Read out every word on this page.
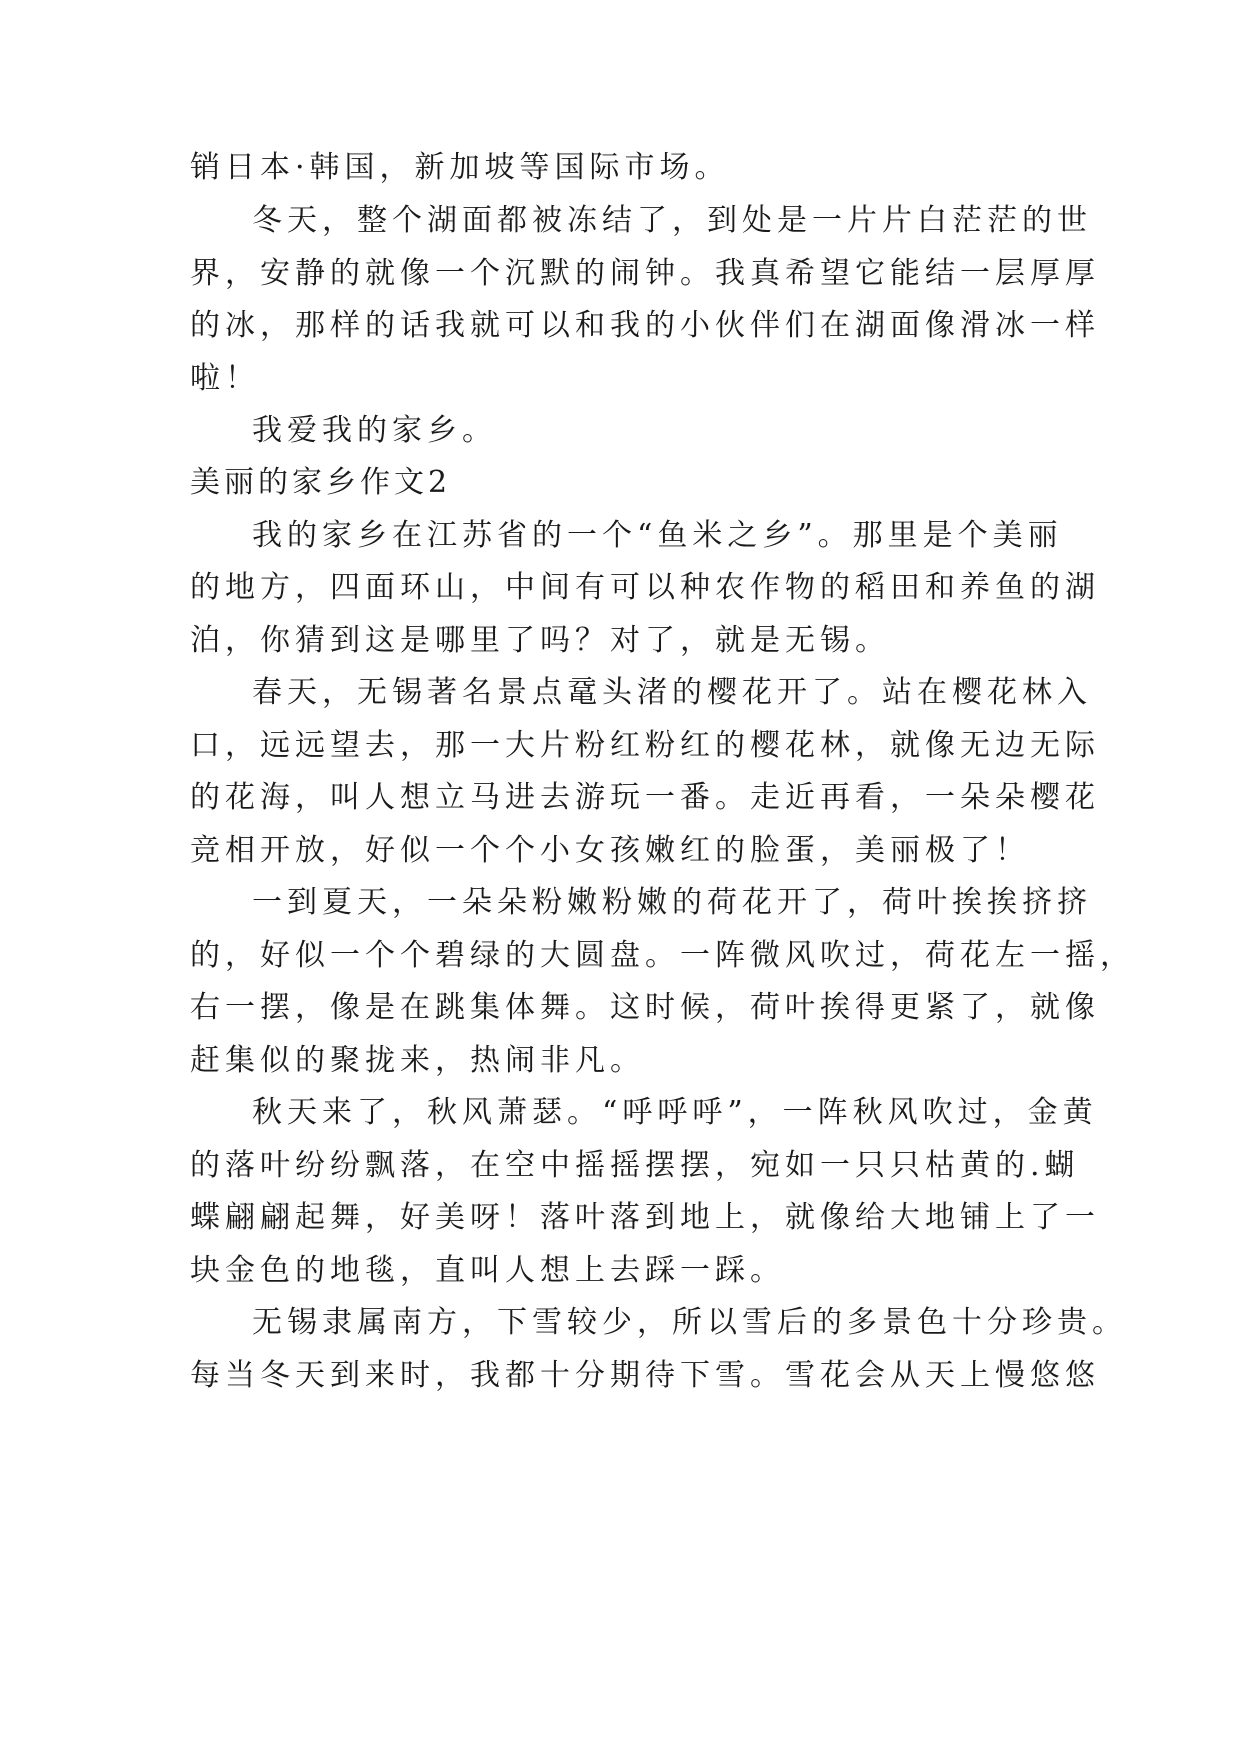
销日本·韩国，新加坡等国际市场。

冬天，整个湖面都被冻结了，到处是一片片白茫茫的世

界，安静的就像一个沉默的闹钟。我真希望它能结一层厚厚

的冰，那样的话我就可以和我的小伙伴们在湖面像滑冰一样

啦！

我爱我的家乡。

美丽的家乡作文2

我的家乡在江苏省的一个“鱼米之乡”。那里是个美丽

的地方，四面环山，中间有可以种农作物的稻田和养鱼的湖

泊，你猜到这是哪里了吗？对了，就是无锡。

春天，无锡著名景点鼋头渚的樱花开了。站在樱花林入

口，远远望去，那一大片粉红粉红的樱花林，就像无边无际

的花海，叫人想立马进去游玩一番。走近再看，一朵朵樱花

竞相开放，好似一个个小女孩嫩红的脸蛋，美丽极了！

一到夏天，一朵朵粉嫩粉嫩的荷花开了，荷叶挨挨挤挤

的，好似一个个碧绿的大圆盘。一阵微风吹过，荷花左一摇，

右一摆，像是在跳集体舞。这时候，荷叶挨得更紧了，就像

赶集似的聚拢来，热闹非凡。

秋天来了，秋风萧瑟。“呼呼呼”，一阵秋风吹过，金黄

的落叶纷纷飘落，在空中摇摇摆摆，宛如一只只枯黄的.蝴

蝶翩翩起舞，好美呀！落叶落到地上，就像给大地铺上了一

块金色的地毯，直叫人想上去踩一踩。

无锡隶属南方，下雪较少，所以雪后的多景色十分珍贵。

每当冬天到来时，我都十分期待下雪。雪花会从天上慢悠悠
